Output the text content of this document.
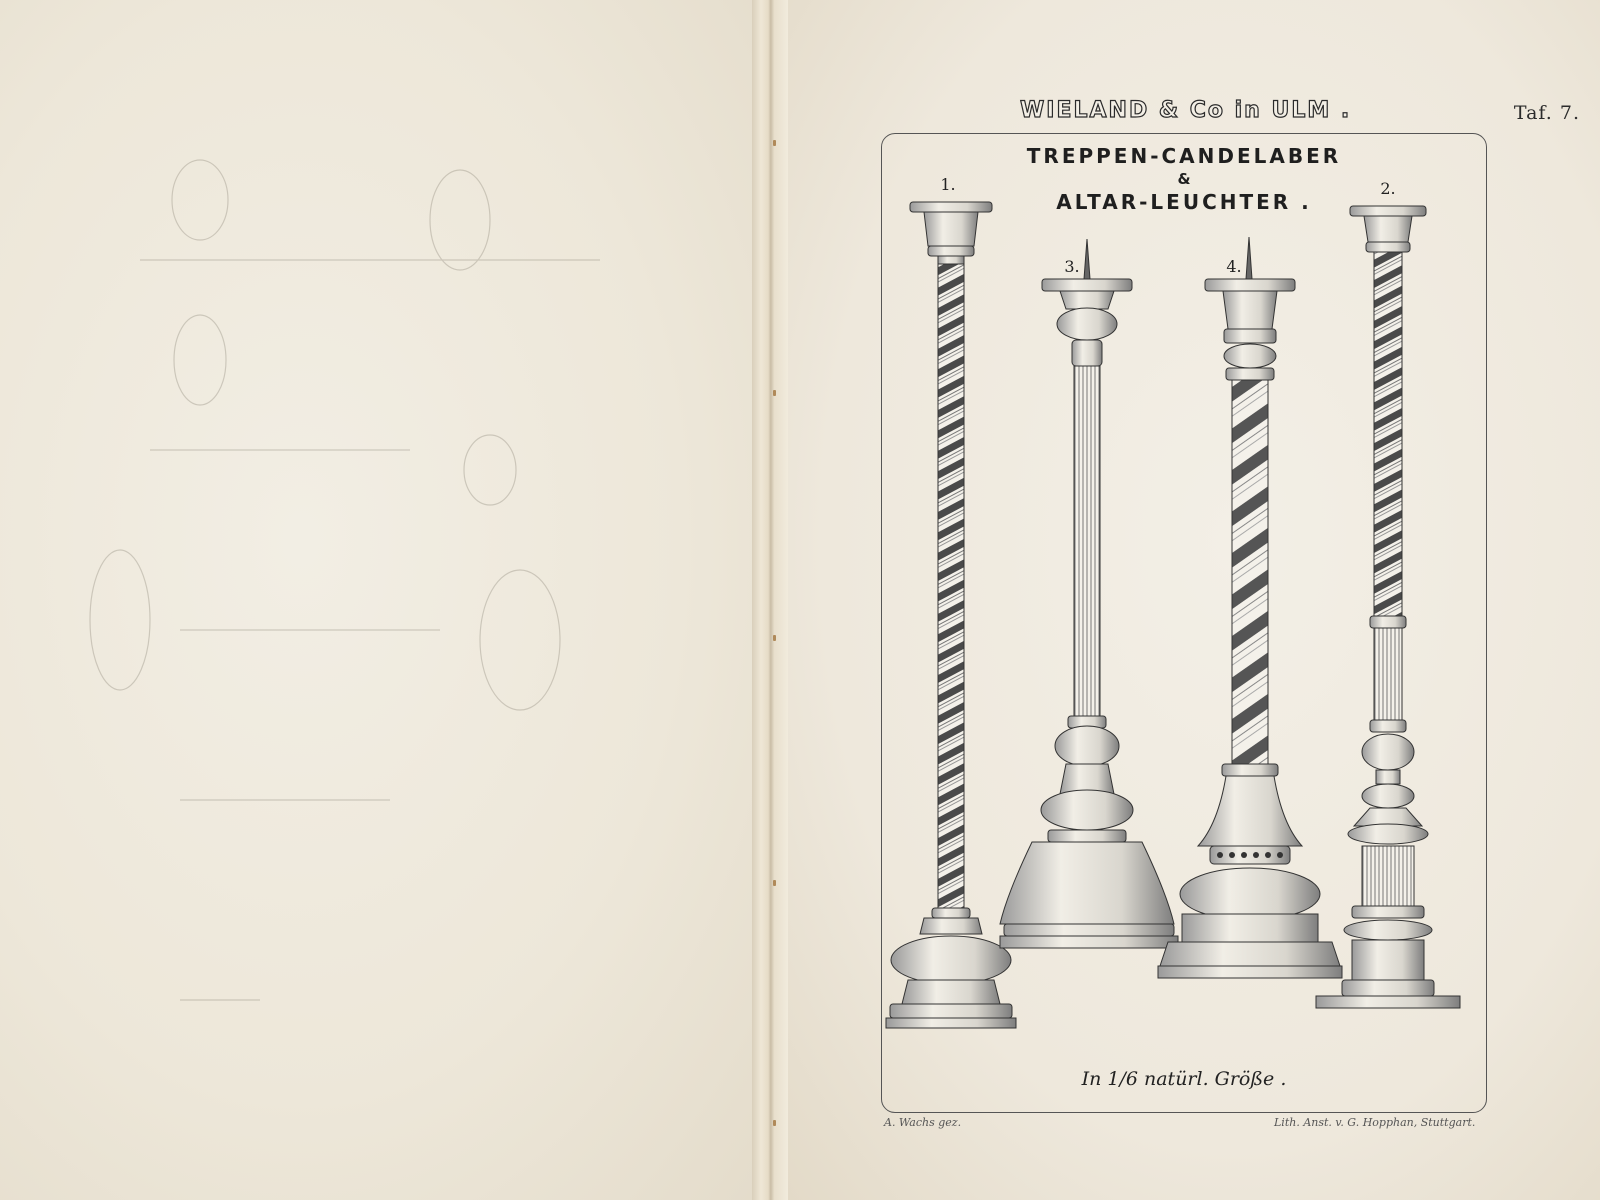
WIELAND & Co in ULM .	Taf. 7.
TREPPEN-CANDELABER
&
ALTAR-LEUCHTER .
1.
3.	4.
2.
In 1/6 natürl. Größe .
A. Wachs gez.	Lith. Anst. v. G. Hopphan, Stuttgart.
